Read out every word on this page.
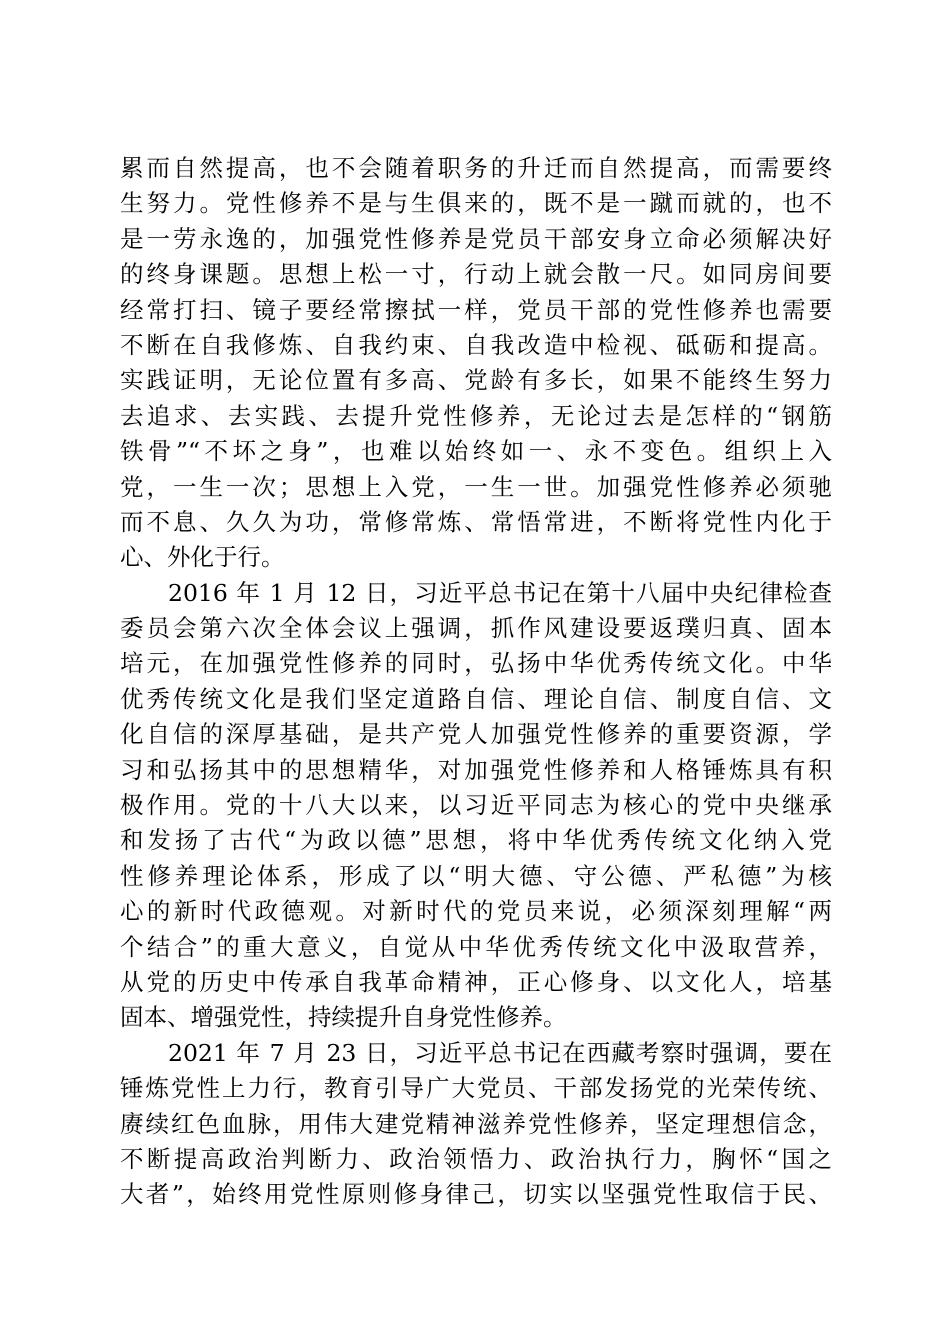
累而自然提高，也不会随着职务的升迁而自然提高，而需要终
生努力。党性修养不是与生俱来的，既不是一蹴而就的，也不
是一劳永逸的，加强党性修养是党员干部安身立命必须解决好
的终身课题。思想上松一寸，行动上就会散一尺。如同房间要
经常打扫、镜子要经常擦拭一样，党员干部的党性修养也需要
不断在自我修炼、自我约束、自我改造中检视、砥砺和提高。
实践证明，无论位置有多高、党龄有多长，如果不能终生努力
去追求、去实践、去提升党性修养，无论过去是怎样的“钢筋
铁骨”“不坏之身”，也难以始终如一、永不变色。组织上入
党，一生一次；思想上入党，一生一世。加强党性修养必须驰
而不息、久久为功，常修常炼、常悟常进，不断将党性内化于
心、外化于行。
2016 年 1 月 12 日，习近平总书记在第十八届中央纪律检查
委员会第六次全体会议上强调，抓作风建设要返璞归真、固本
培元，在加强党性修养的同时，弘扬中华优秀传统文化。中华
优秀传统文化是我们坚定道路自信、理论自信、制度自信、文
化自信的深厚基础，是共产党人加强党性修养的重要资源，学
习和弘扬其中的思想精华，对加强党性修养和人格锤炼具有积
极作用。党的十八大以来，以习近平同志为核心的党中央继承
和发扬了古代“为政以德”思想，将中华优秀传统文化纳入党
性修养理论体系，形成了以“明大德、守公德、严私德”为核
心的新时代政德观。对新时代的党员来说，必须深刻理解“两
个结合”的重大意义，自觉从中华优秀传统文化中汲取营养，
从党的历史中传承自我革命精神，正心修身、以文化人，培基
固本、增强党性，持续提升自身党性修养。
2021 年 7 月 23 日，习近平总书记在西藏考察时强调，要在
锤炼党性上力行，教育引导广大党员、干部发扬党的光荣传统、
赓续红色血脉，用伟大建党精神滋养党性修养，坚定理想信念，
不断提高政治判断力、政治领悟力、政治执行力，胸怀“国之
大者”，始终用党性原则修身律己，切实以坚强党性取信于民、
